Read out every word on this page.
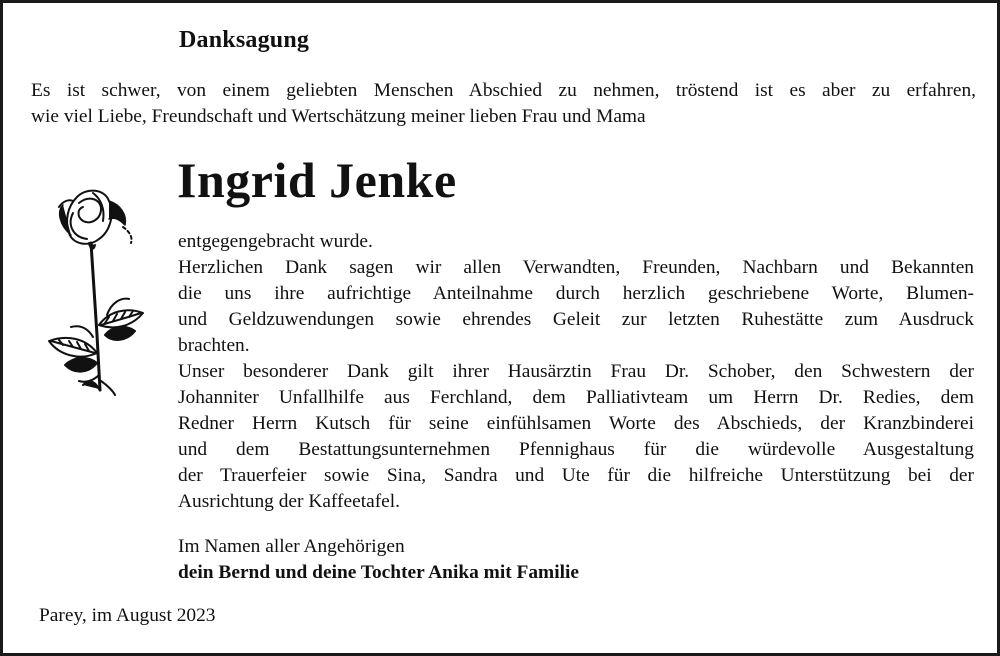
Danksagung
Es ist schwer, von einem geliebten Menschen Abschied zu nehmen, tröstend ist es aber zu erfahren,
wie viel Liebe, Freundschaft und Wertschätzung meiner lieben Frau und Mama
Ingrid Jenke
entgegengebracht wurde.
Herzlichen Dank sagen wir allen Verwandten, Freunden, Nachbarn und Bekannten
die uns ihre aufrichtige Anteilnahme durch herzlich geschriebene Worte, Blumen-
und Geldzuwendungen sowie ehrendes Geleit zur letzten Ruhestätte zum Ausdruck
brachten.
Unser besonderer Dank gilt ihrer Hausärztin Frau Dr. Schober, den Schwestern der
Johanniter Unfallhilfe aus Ferchland, dem Palliativteam um Herrn Dr. Redies, dem
Redner Herrn Kutsch für seine einfühlsamen Worte des Abschieds, der Kranzbinderei
und dem Bestattungsunternehmen Pfennighaus für die würdevolle Ausgestaltung
der Trauerfeier sowie Sina, Sandra und Ute für die hilfreiche Unterstützung bei der
Ausrichtung der Kaffeetafel.
Im Namen aller Angehörigen
dein Bernd und deine Tochter Anika mit Familie
Parey, im August 2023
